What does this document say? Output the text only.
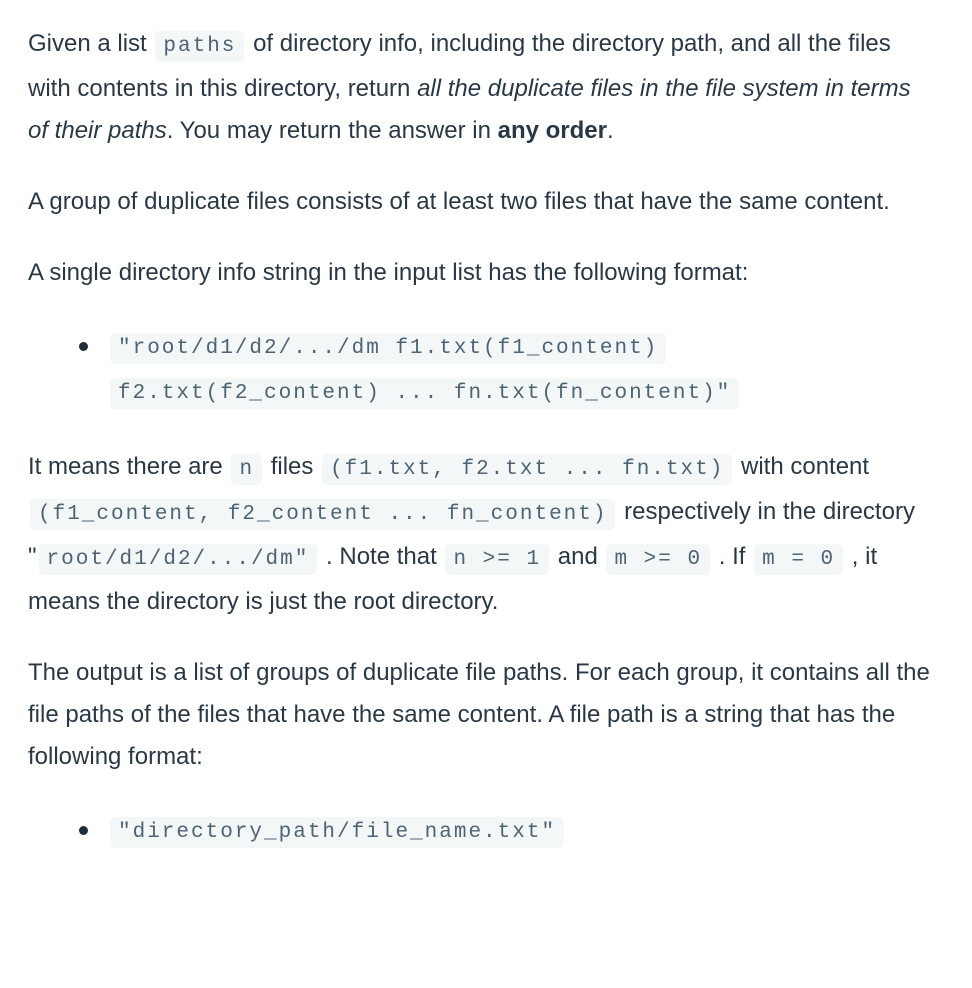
Given a list paths of directory info, including the directory path, and all the files with contents in this directory, return all the duplicate files in the file system in terms of their paths. You may return the answer in any order.

A group of duplicate files consists of at least two files that have the same content.

A single directory info string in the input list has the following format:

"root/d1/d2/.../dm f1.txt(f1_content) f2.txt(f2_content) ... fn.txt(fn_content)"

It means there are n files (f1.txt, f2.txt ... fn.txt) with content (f1_content, f2_content ... fn_content) respectively in the directory " root/d1/d2/.../dm" . Note that n >= 1 and m >= 0 . If m = 0 , it means the directory is just the root directory.

The output is a list of groups of duplicate file paths. For each group, it contains all the file paths of the files that have the same content. A file path is a string that has the following format:

"directory_path/file_name.txt"
